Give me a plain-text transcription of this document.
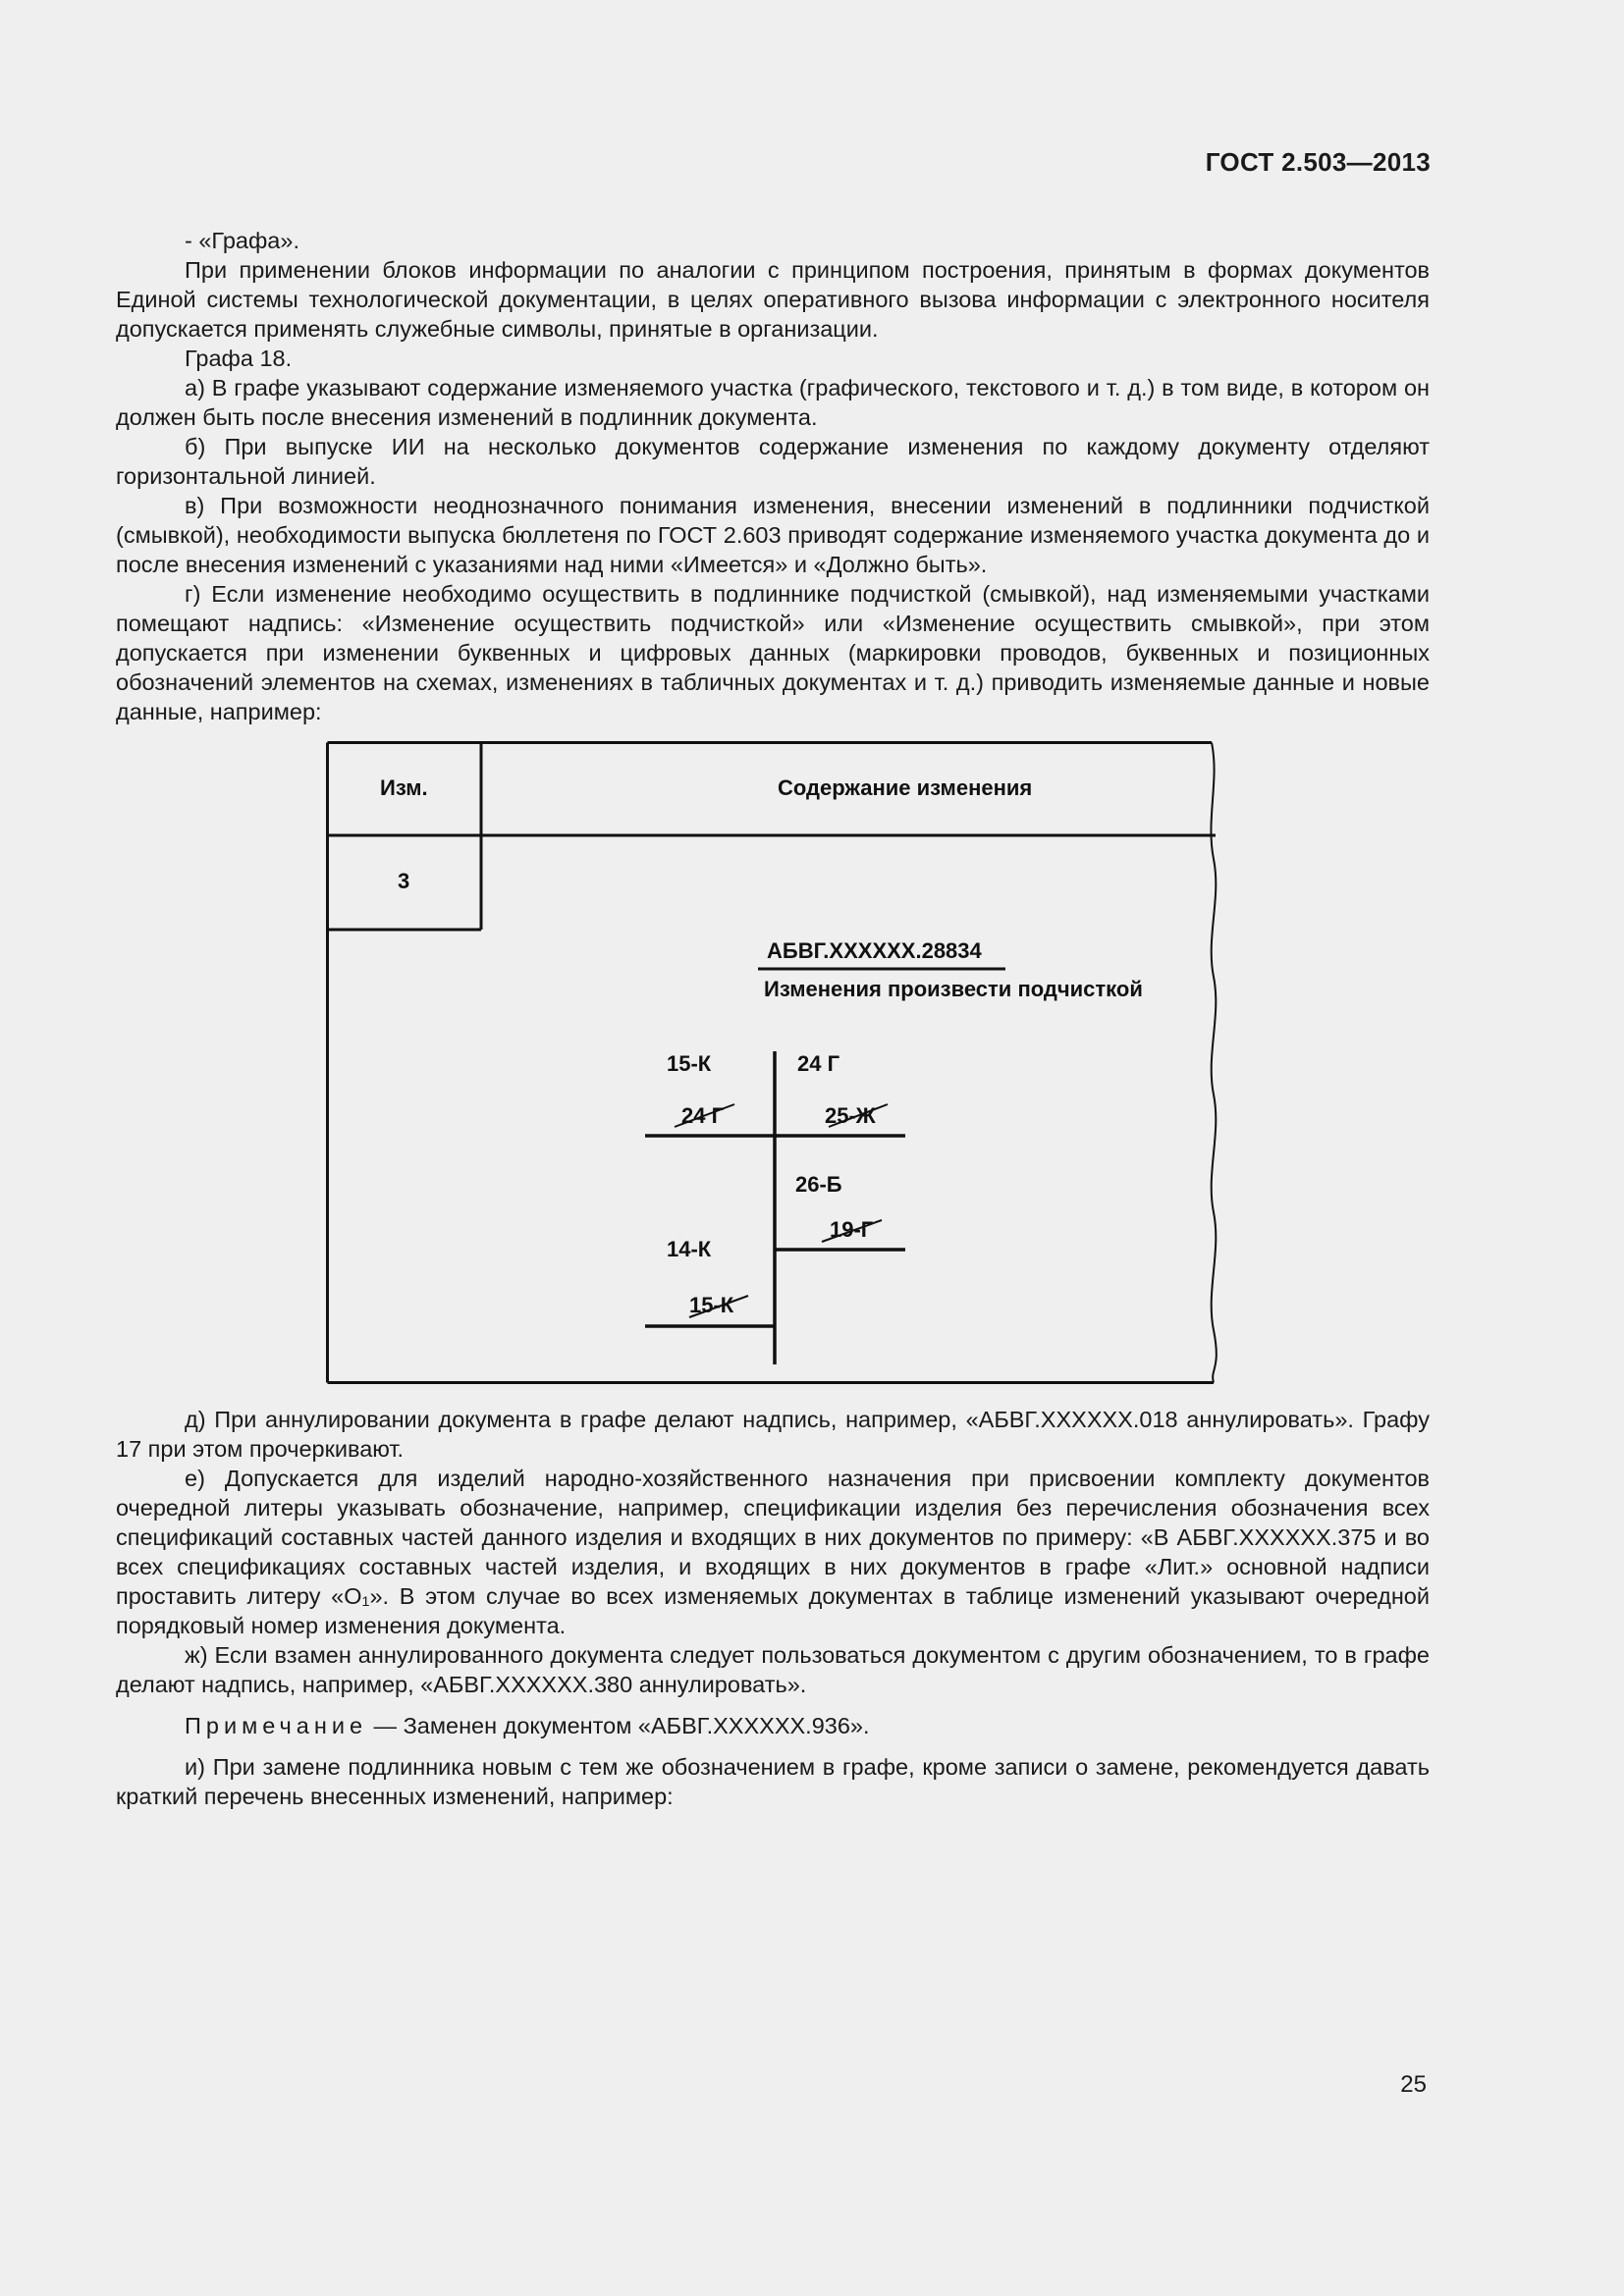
ГОСТ 2.503—2013

- «Графа».

При применении блоков информации по аналогии с принципом построения, принятым в формах документов Единой системы технологической документации, в целях оперативного вызова информации с электронного носителя допускается применять служебные символы, принятые в организации.

Графа 18.

а) В графе указывают содержание изменяемого участка (графического, текстового и т. д.) в том виде, в котором он должен быть после внесения изменений в подлинник документа.

б) При выпуске ИИ на несколько документов содержание изменения по каждому документу отделяют горизонтальной линией.

в) При возможности неоднозначного понимания изменения, внесении изменений в подлинники подчисткой (смывкой), необходимости выпуска бюллетеня по ГОСТ 2.603 приводят содержание изменяемого участка документа до и после внесения изменений с указаниями над ними «Имеется» и «Должно быть».

г) Если изменение необходимо осуществить в подлиннике подчисткой (смывкой), над изменяемыми участками помещают надпись: «Изменение осуществить подчисткой» или «Изменение осуществить смывкой», при этом допускается при изменении буквенных и цифровых данных (маркировки проводов, буквенных и позиционных обозначений элементов на схемах, изменениях в табличных документах и т. д.) приводить изменяемые данные и новые данные, например:

Изм.	Содержание изменения
3
АБВГ.XXXXXX.28834
Изменения произвести подчисткой
15-К
24 Г
24 Г
25-Ж
26-Б
19-Г
14-К
15-К

д) При аннулировании документа в графе делают надпись, например, «АБВГ.XXXXXX.018 аннулировать». Графу 17 при этом прочеркивают.

е) Допускается для изделий народно-хозяйственного назначения при присвоении комплекту документов очередной литеры указывать обозначение, например, спецификации изделия без перечисления обозначения всех спецификаций составных частей данного изделия и входящих в них документов по примеру: «В АБВГ.XXXXXX.375 и во всех спецификациях составных частей изделия, и входящих в них документов в графе «Лит.» основной надписи проставить литеру «О₁». В этом случае во всех изменяемых документах в таблице изменений указывают очередной порядковый номер изменения документа.

ж) Если взамен аннулированного документа следует пользоваться документом с другим обозначением, то в графе делают надпись, например, «АБВГ.XXXXXX.380 аннулировать».

Примечание — Заменен документом «АБВГ.XXXXXX.936».

и) При замене подлинника новым с тем же обозначением в графе, кроме записи о замене, рекомендуется давать краткий перечень внесенных изменений, например:

25
